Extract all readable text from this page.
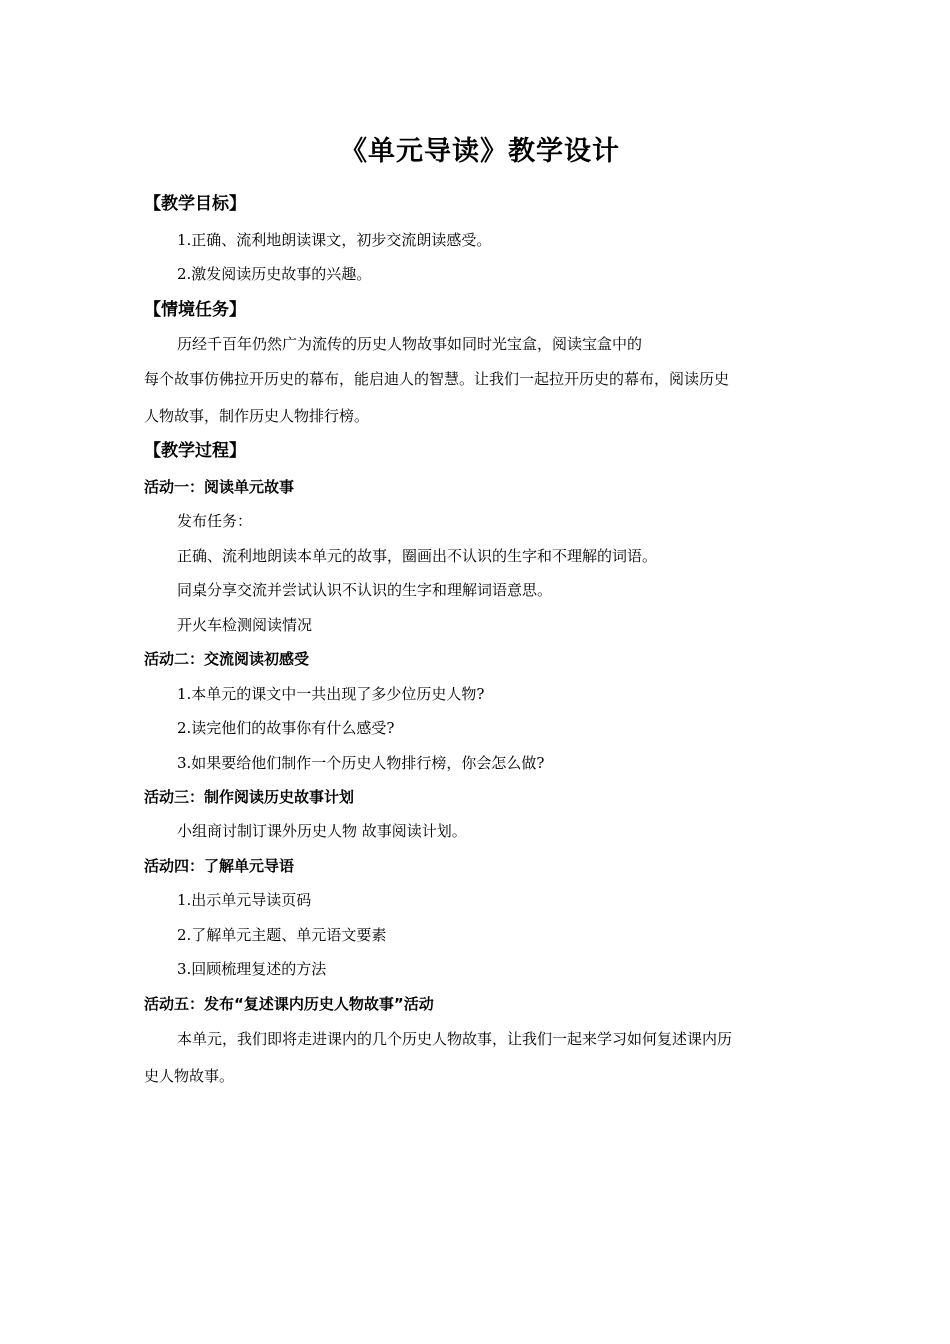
《单元导读》教学设计
【教学目标】
1.正确、流利地朗读课文，初步交流朗读感受。
2.激发阅读历史故事的兴趣。
【情境任务】
历经千百年仍然广为流传的历史人物故事如同时光宝盒，阅读宝盒中的
每个故事仿佛拉开历史的幕布，能启迪人的智慧。让我们一起拉开历史的幕布，阅读历史
人物故事，制作历史人物排行榜。
【教学过程】
活动一：阅读单元故事
发布任务：
正确、流利地朗读本单元的故事，圈画出不认识的生字和不理解的词语。
同桌分享交流并尝试认识不认识的生字和理解词语意思。
开火车检测阅读情况
活动二：交流阅读初感受
1.本单元的课文中一共出现了多少位历史人物?
2.读完他们的故事你有什么感受?
3.如果要给他们制作一个历史人物排行榜，你会怎么做?
活动三：制作阅读历史故事计划
小组商讨制订课外历史人物 故事阅读计划。
活动四：了解单元导语
1.出示单元导读页码
2.了解单元主题、单元语文要素
3.回顾梳理复述的方法
活动五：发布“复述课内历史人物故事”活动
本单元，我们即将走进课内的几个历史人物故事，让我们一起来学习如何复述课内历
史人物故事。
